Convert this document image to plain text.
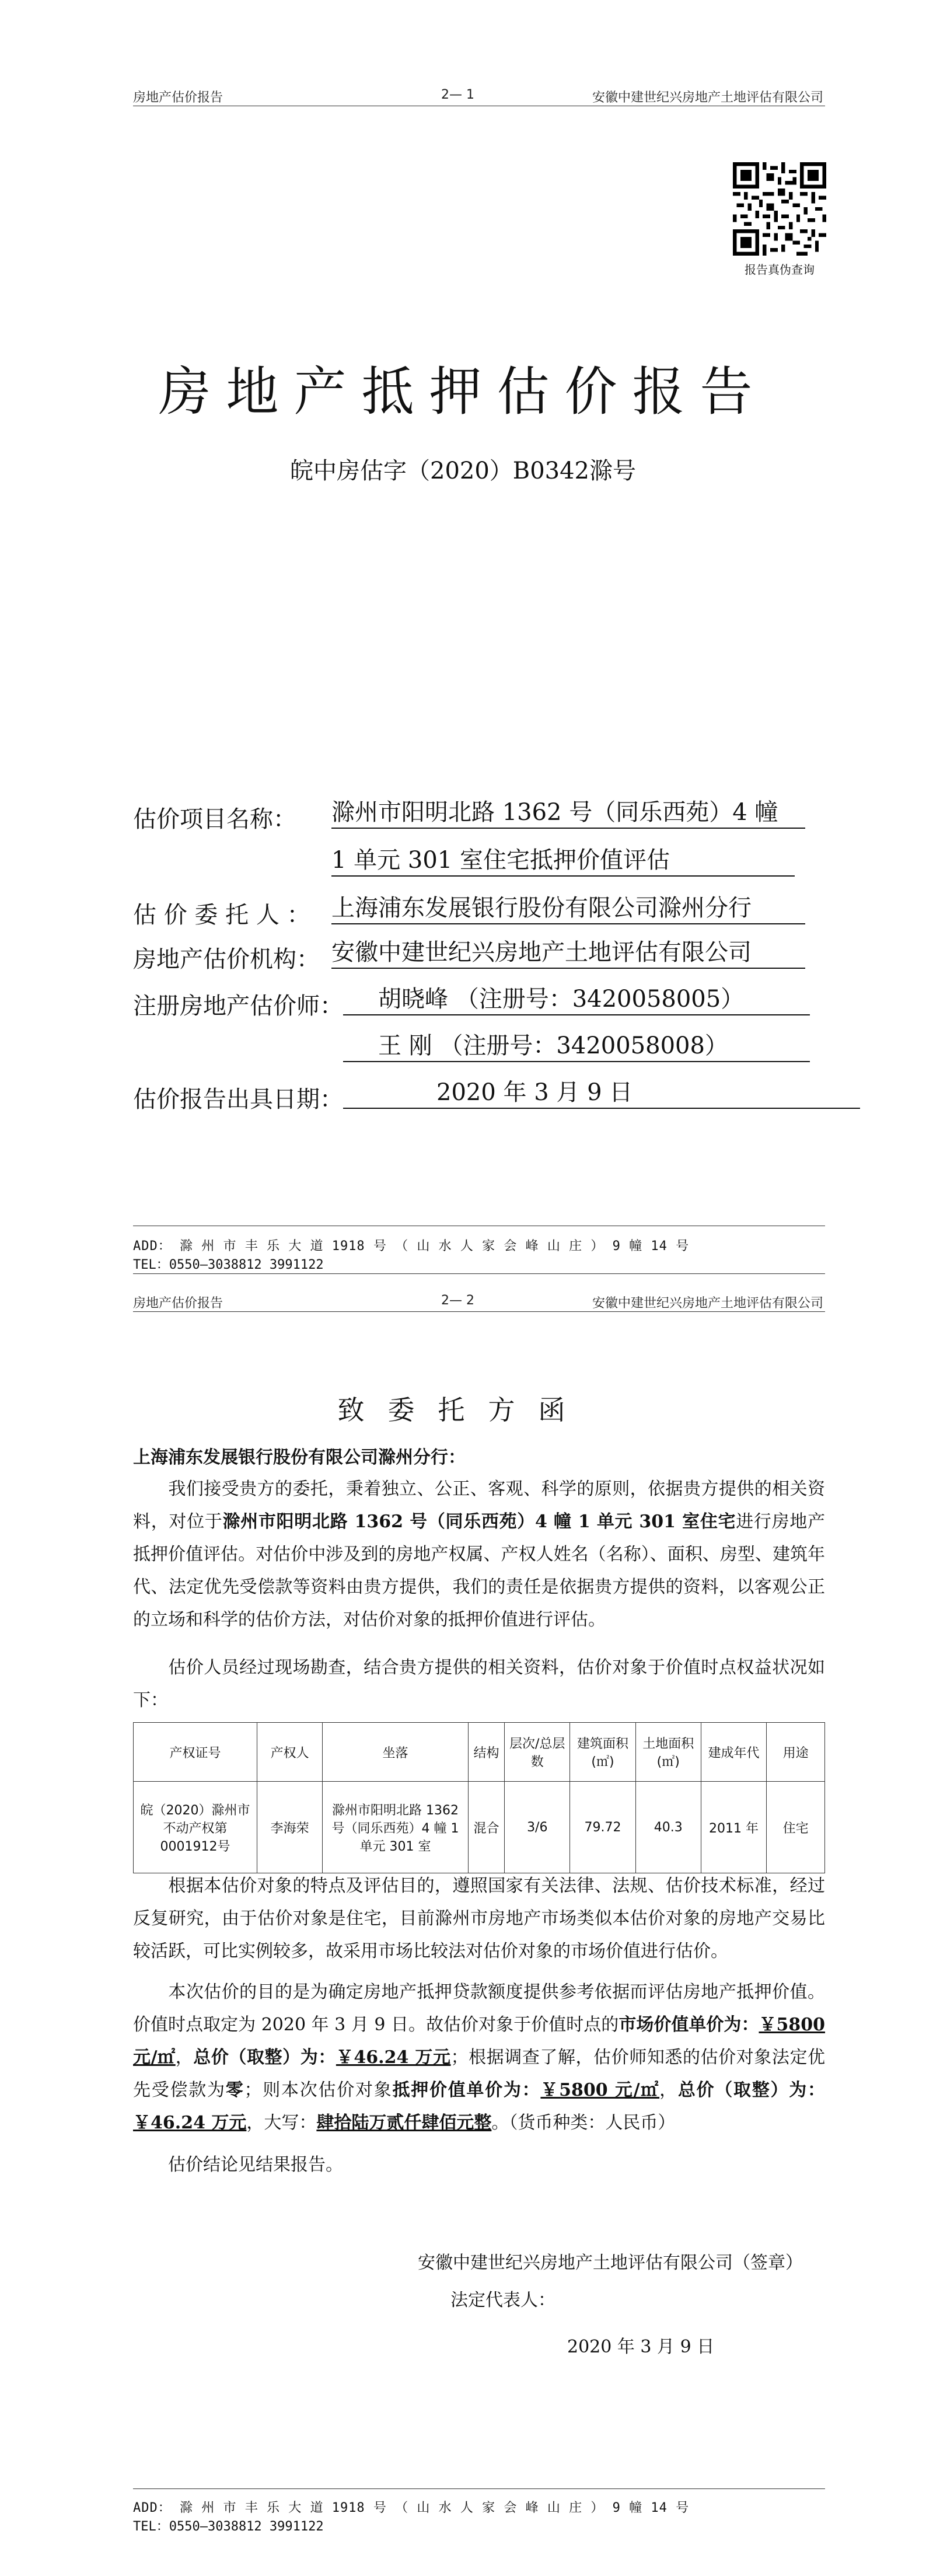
房地产估价报告	2— 1	安徽中建世纪兴房地产土地评估有限公司
报告真伪查询
房地产抵押估价报告
皖中房估字（2020）B0342滁号
估价项目名称： 滁州市阳明北路 1362 号（同乐西苑）4 幢
1 单元 301 室住宅抵押价值评估
估 价 委 托 人 ： 上海浦东发展银行股份有限公司滁州分行
房地产估价机构： 安徽中建世纪兴房地产土地评估有限公司
注册房地产估价师：	胡晓峰 （注册号：3420058005）
王 刚 （注册号：3420058008）
估价报告出具日期：	2020 年 3 月 9 日
ADD： 滁 州 市 丰 乐 大 道 1918 号 （ 山 水 人 家 会 峰 山 庄 ） 9 幢 14 号
TEL：0550—3038812 3991122
房地产估价报告	2— 2	安徽中建世纪兴房地产土地评估有限公司
致委托方函
上海浦东发展银行股份有限公司滁州分行：
我们接受贵方的委托，秉着独立、公正、客观、科学的原则，依据贵方提供的相关资料，对位于滁州市阳明北路 1362 号（同乐西苑）4 幢 1 单元 301 室住宅进行房地产抵押价值评估。对估价中涉及到的房地产权属、产权人姓名（名称）、面积、房型、建筑年代、法定优先受偿款等资料由贵方提供，我们的责任是依据贵方提供的资料，以客观公正的立场和科学的估价方法，对估价对象的抵押价值进行评估。
估价人员经过现场勘查，结合贵方提供的相关资料，估价对象于价值时点权益状况如下：
产权证号	产权人	坐落	结构	层次/总层数	建筑面积(㎡)	土地面积(㎡)	建成年代	用途
皖（2020）滁州市不动产权第0001912号	李海荣	滁州市阳明北路 1362 号（同乐西苑）4 幢 1 单元 301 室	混合	3/6	79.72	40.3	2011 年	住宅
根据本估价对象的特点及评估目的，遵照国家有关法律、法规、估价技术标准，经过反复研究，由于估价对象是住宅，目前滁州市房地产市场类似本估价对象的房地产交易比较活跃，可比实例较多，故采用市场比较法对估价对象的市场价值进行估价。
本次估价的目的是为确定房地产抵押贷款额度提供参考依据而评估房地产抵押价值。价值时点取定为 2020 年 3 月 9 日。故估价对象于价值时点的市场价值单价为：￥5800 元/㎡，总价（取整）为：￥46.24 万元；根据调查了解，估价师知悉的估价对象法定优先受偿款为零；则本次估价对象抵押价值单价为：￥5800 元/㎡，总价（取整）为：￥46.24 万元，大写：肆拾陆万贰仟肆佰元整。（货币种类：人民币）
估价结论见结果报告。
安徽中建世纪兴房地产土地评估有限公司（签章）
法定代表人：
2020 年 3 月 9 日
ADD： 滁 州 市 丰 乐 大 道 1918 号 （ 山 水 人 家 会 峰 山 庄 ） 9 幢 14 号
TEL：0550—3038812 3991122
